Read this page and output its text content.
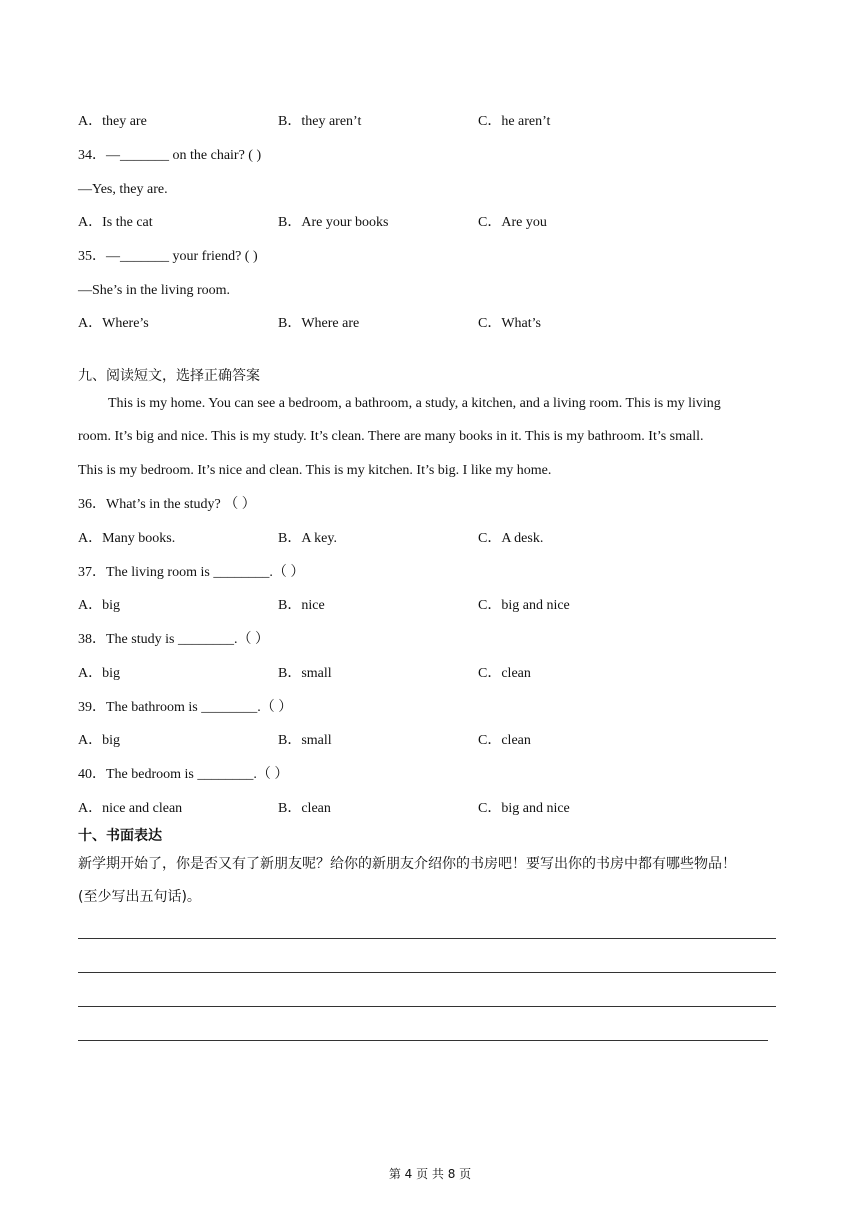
A．they are	B．they aren’t	C．he aren’t
34．—_______ on the chair? ( )
—Yes, they are.
A．Is the cat	B．Are your books	C．Are you
35．—_______ your friend? ( )
—She’s in the living room.
A．Where’s	B．Where are	C．What’s
九、阅读短文，选择正确答案
This is my home. You can see a bedroom, a bathroom, a study, a kitchen, and a living room. This is my living
room. It’s big and nice. This is my study. It’s clean. There are many books in it. This is my bathroom. It’s small.
This is my bedroom. It’s nice and clean. This is my kitchen. It’s big. I like my home.
36．What’s in the study? （ ）
A．Many books.	B．A key.	C．A desk.
37．The living room is ________.（ ）
A．big	B．nice	C．big and nice
38．The study is ________.（ ）
A．big	B．small	C．clean
39．The bathroom is ________.（ ）
A．big	B．small	C．clean
40．The bedroom is ________.（ ）
A．nice and clean	B．clean	C．big and nice
十、书面表达
新学期开始了，你是否又有了新朋友呢？给你的新朋友介绍你的书房吧！要写出你的书房中都有哪些物品！
(至少写出五句话)。
第 4 页 共 8 页
